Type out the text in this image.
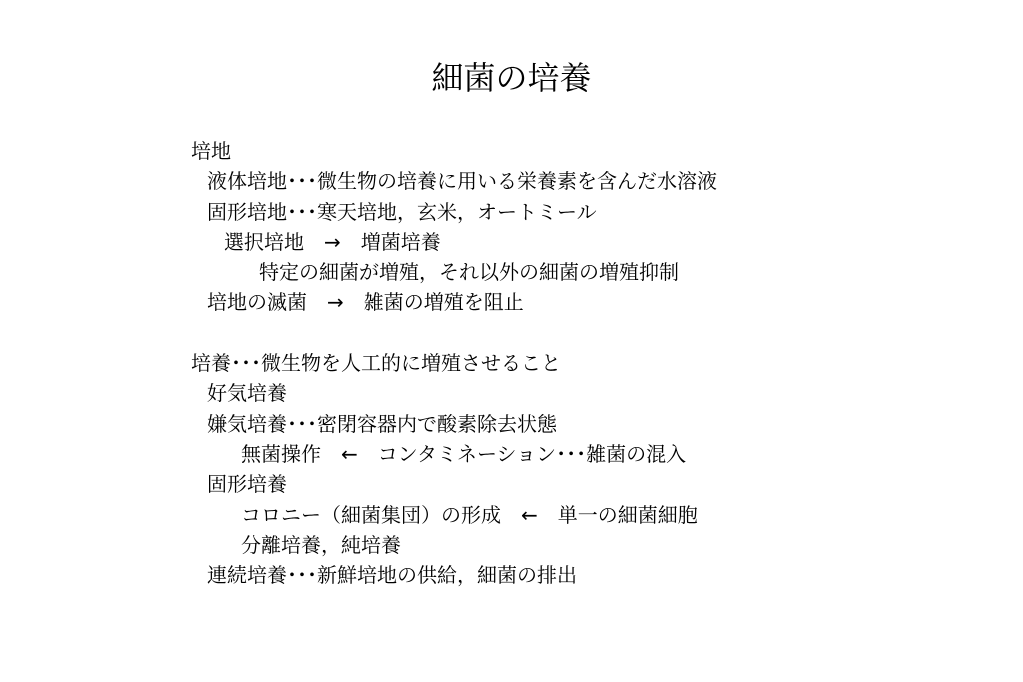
細菌の培養
培地
液体培地･･･微生物の培養に用いる栄養素を含んだ水溶液
固形培地･･･寒天培地，玄米，オートミール
選択培地　→　増菌培養
特定の細菌が増殖，それ以外の細菌の増殖抑制
培地の滅菌　→　雑菌の増殖を阻止
培養･･･微生物を人工的に増殖させること
好気培養
嫌気培養･･･密閉容器内で酸素除去状態
無菌操作　←　コンタミネーション･･･雑菌の混入
固形培養
コロニー（細菌集団）の形成　←　単一の細菌細胞
分離培養，純培養
連続培養･･･新鮮培地の供給，細菌の排出
